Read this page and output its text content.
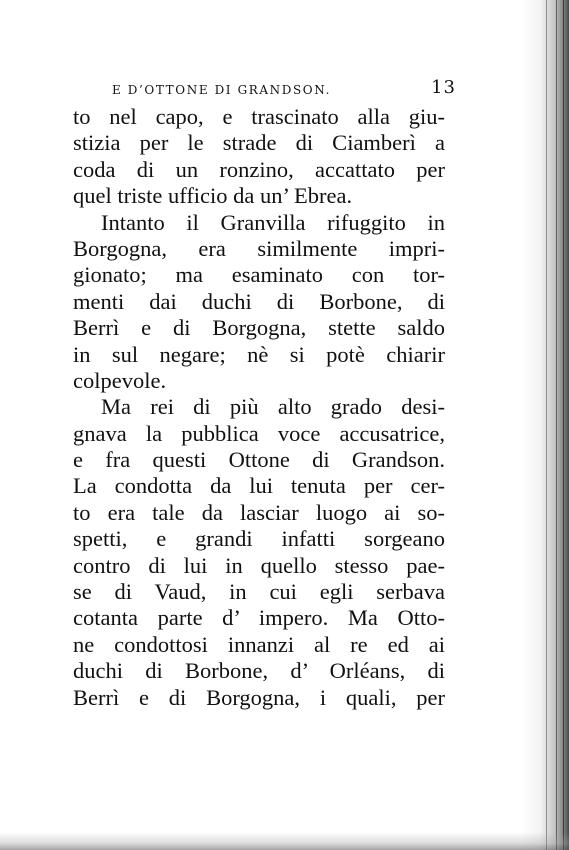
E D’OTTONE DI GRANDSON.	13
to nel capo, e trascinato alla giu-
stizia per le strade di Ciamberì a
coda di un ronzino, accattato per
quel triste ufficio da un’ Ebrea.
Intanto il Granvilla rifuggito in
Borgogna, era similmente impri-
gionato; ma esaminato con tor-
menti dai duchi di Borbone, di
Berrì e di Borgogna, stette saldo
in sul negare; nè si potè chiarir
colpevole.
Ma rei di più alto grado desi-
gnava la pubblica voce accusatrice,
e fra questi Ottone di Grandson.
La condotta da lui tenuta per cer-
to era tale da lasciar luogo ai so-
spetti, e grandi infatti sorgeano
contro di lui in quello stesso pae-
se di Vaud, in cui egli serbava
cotanta parte d’ impero. Ma Otto-
ne condottosi innanzi al re ed ai
duchi di Borbone, d’ Orléans, di
Berrì e di Borgogna, i quali, per
